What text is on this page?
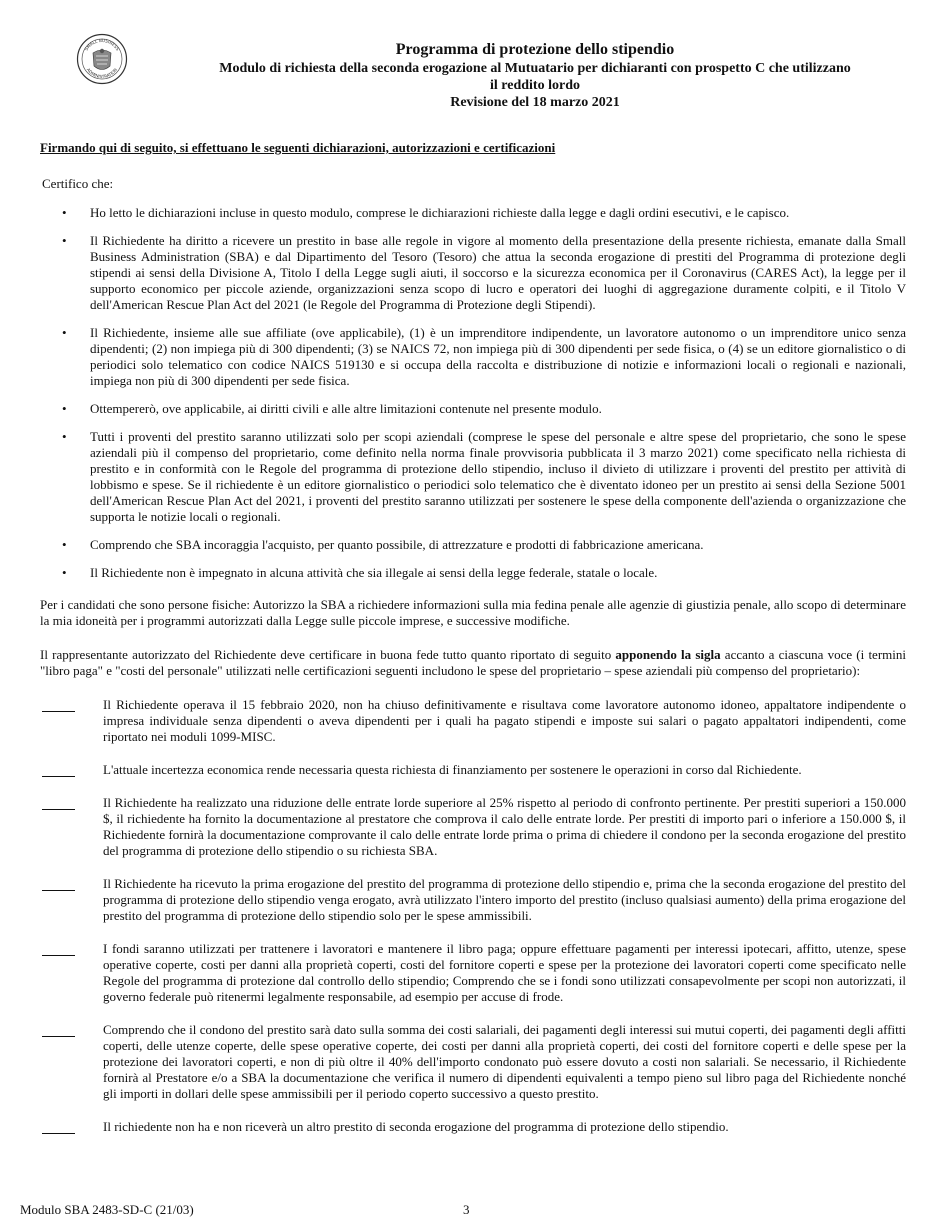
SMALL BUSINESS
ADMINISTRATION
Programma di protezione dello stipendio
Modulo di richiesta della seconda erogazione al Mutuatario per dichiaranti con prospetto C che utilizzano
il reddito lordo
Revisione del 18 marzo 2021
Firmando qui di seguito, si effettuano le seguenti dichiarazioni, autorizzazioni e certificazioni
Certifico che:
• Ho letto le dichiarazioni incluse in questo modulo, comprese le dichiarazioni richieste dalla legge e dagli ordini esecutivi, e le capisco.
• Il Richiedente ha diritto a ricevere un prestito in base alle regole in vigore al momento della presentazione della presente richiesta, emanate dalla Small Business Administration (SBA) e dal Dipartimento del Tesoro (Tesoro) che attua la seconda erogazione di prestiti del Programma di protezione degli stipendi ai sensi della Divisione A, Titolo I della Legge sugli aiuti, il soccorso e la sicurezza economica per il Coronavirus (CARES Act), la legge per il supporto economico per piccole aziende, organizzazioni senza scopo di lucro e operatori dei luoghi di aggregazione duramente colpiti, e il Titolo V dell'American Rescue Plan Act del 2021 (le Regole del Programma di Protezione degli Stipendi).
• Il Richiedente, insieme alle sue affiliate (ove applicabile), (1) è un imprenditore indipendente, un lavoratore autonomo o un imprenditore unico senza dipendenti; (2) non impiega più di 300 dipendenti; (3) se NAICS 72, non impiega più di 300 dipendenti per sede fisica, o (4) se un editore giornalistico o di periodici solo telematico con codice NAICS 519130 e si occupa della raccolta e distribuzione di notizie e informazioni locali o regionali e nazionali, impiega non più di 300 dipendenti per sede fisica.
• Ottempererò, ove applicabile, ai diritti civili e alle altre limitazioni contenute nel presente modulo.
• Tutti i proventi del prestito saranno utilizzati solo per scopi aziendali (comprese le spese del personale e altre spese del proprietario, che sono le spese aziendali più il compenso del proprietario, come definito nella norma finale provvisoria pubblicata il 3 marzo 2021) come specificato nella richiesta di prestito e in conformità con le Regole del programma di protezione dello stipendio, incluso il divieto di utilizzare i proventi del prestito per attività di lobbismo e spese. Se il richiedente è un editore giornalistico o periodici solo telematico che è diventato idoneo per un prestito ai sensi della Sezione 5001 dell'American Rescue Plan Act del 2021, i proventi del prestito saranno utilizzati per sostenere le spese della componente dell'azienda o organizzazione che supporta le notizie locali o regionali.
• Comprendo che SBA incoraggia l'acquisto, per quanto possibile, di attrezzature e prodotti di fabbricazione americana.
• Il Richiedente non è impegnato in alcuna attività che sia illegale ai sensi della legge federale, statale o locale.

Per i candidati che sono persone fisiche: Autorizzo la SBA a richiedere informazioni sulla mia fedina penale alle agenzie di giustizia penale, allo scopo di determinare la mia idoneità per i programmi autorizzati dalla Legge sulle piccole imprese, e successive modifiche.

Il rappresentante autorizzato del Richiedente deve certificare in buona fede tutto quanto riportato di seguito apponendo la sigla accanto a ciascuna voce (i termini "libro paga" e "costi del personale" utilizzati nelle certificazioni seguenti includono le spese del proprietario – spese aziendali più compenso del proprietario):

Il Richiedente operava il 15 febbraio 2020, non ha chiuso definitivamente e risultava come lavoratore autonomo idoneo, appaltatore indipendente o impresa individuale senza dipendenti o aveva dipendenti per i quali ha pagato stipendi e imposte sui salari o pagato appaltatori indipendenti, come riportato nei moduli 1099-MISC.
L'attuale incertezza economica rende necessaria questa richiesta di finanziamento per sostenere le operazioni in corso dal Richiedente.
Il Richiedente ha realizzato una riduzione delle entrate lorde superiore al 25% rispetto al periodo di confronto pertinente. Per prestiti superiori a 150.000 $, il richiedente ha fornito la documentazione al prestatore che comprova il calo delle entrate lorde. Per prestiti di importo pari o inferiore a 150.000 $, il Richiedente fornirà la documentazione comprovante il calo delle entrate lorde prima o prima di chiedere il condono per la seconda erogazione del prestito del programma di protezione dello stipendio o su richiesta SBA.
Il Richiedente ha ricevuto la prima erogazione del prestito del programma di protezione dello stipendio e, prima che la seconda erogazione del prestito del programma di protezione dello stipendio venga erogato, avrà utilizzato l'intero importo del prestito (incluso qualsiasi aumento) della prima erogazione del prestito del programma di protezione dello stipendio solo per le spese ammissibili.
I fondi saranno utilizzati per trattenere i lavoratori e mantenere il libro paga; oppure effettuare pagamenti per interessi ipotecari, affitto, utenze, spese operative coperte, costi per danni alla proprietà coperti, costi del fornitore coperti e spese per la protezione dei lavoratori coperti come specificato nelle Regole del programma di protezione dal controllo dello stipendio; Comprendo che se i fondi sono utilizzati consapevolmente per scopi non autorizzati, il governo federale può ritenermi legalmente responsabile, ad esempio per accuse di frode.
Comprendo che il condono del prestito sarà dato sulla somma dei costi salariali, dei pagamenti degli interessi sui mutui coperti, dei pagamenti degli affitti coperti, delle utenze coperte, delle spese operative coperte, dei costi per danni alla proprietà coperti, dei costi del fornitore coperti e delle spese per la protezione dei lavoratori coperti, e non di più oltre il 40% dell'importo condonato può essere dovuto a costi non salariali. Se necessario, il Richiedente fornirà al Prestatore e/o a SBA la documentazione che verifica il numero di dipendenti equivalenti a tempo pieno sul libro paga del Richiedente nonché gli importi in dollari delle spese ammissibili per il periodo coperto successivo a questo prestito.
Il richiedente non ha e non riceverà un altro prestito di seconda erogazione del programma di protezione dello stipendio.
Modulo SBA 2483-SD-C (21/03)	3
